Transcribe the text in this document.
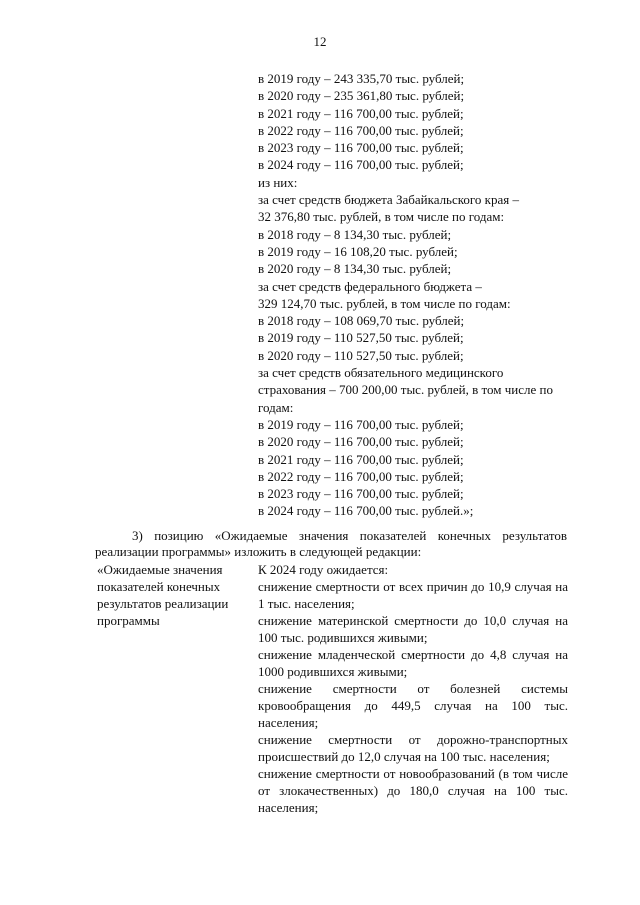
12
в 2019 году – 243 335,70 тыс. рублей;
в 2020 году – 235 361,80 тыс. рублей;
в 2021 году – 116 700,00 тыс. рублей;
в 2022 году – 116 700,00 тыс. рублей;
в 2023 году – 116 700,00 тыс. рублей;
в 2024 году – 116 700,00 тыс. рублей;
из них:
за счет средств бюджета Забайкальского края –
32 376,80 тыс. рублей, в том числе по годам:
в 2018 году – 8 134,30 тыс. рублей;
в 2019 году – 16 108,20 тыс. рублей;
в 2020 году – 8 134,30 тыс. рублей;
за счет средств федерального бюджета –
329 124,70 тыс. рублей, в том числе по годам:
в 2018 году – 108 069,70 тыс. рублей;
в 2019 году – 110 527,50 тыс. рублей;
в 2020 году – 110 527,50 тыс. рублей;
за счет средств обязательного медицинского
страхования – 700 200,00 тыс. рублей, в том числе по
годам:
в 2019 году – 116 700,00 тыс. рублей;
в 2020 году – 116 700,00 тыс. рублей;
в 2021 году – 116 700,00 тыс. рублей;
в 2022 году – 116 700,00 тыс. рублей;
в 2023 году – 116 700,00 тыс. рублей;
в 2024 году – 116 700,00 тыс. рублей.»;
3) позицию «Ожидаемые значения показателей конечных результатов
реализации программы» изложить в следующей редакции:
«Ожидаемые значения показателей конечных результатов реализации программы
К 2024 году ожидается:
снижение смертности от всех причин до 10,9 случая на 1 тыс. населения;
снижение материнской смертности до 10,0 случая на 100 тыс. родившихся живыми;
снижение младенческой смертности до 4,8 случая на 1000 родившихся живыми;
снижение смертности от болезней системы кровообращения до 449,5 случая на 100 тыс. населения;
снижение смертности от дорожно-транспортных происшествий до 12,0 случая на 100 тыс. населения;
снижение смертности от новообразований (в том числе от злокачественных) до 180,0 случая на 100 тыс. населения;
